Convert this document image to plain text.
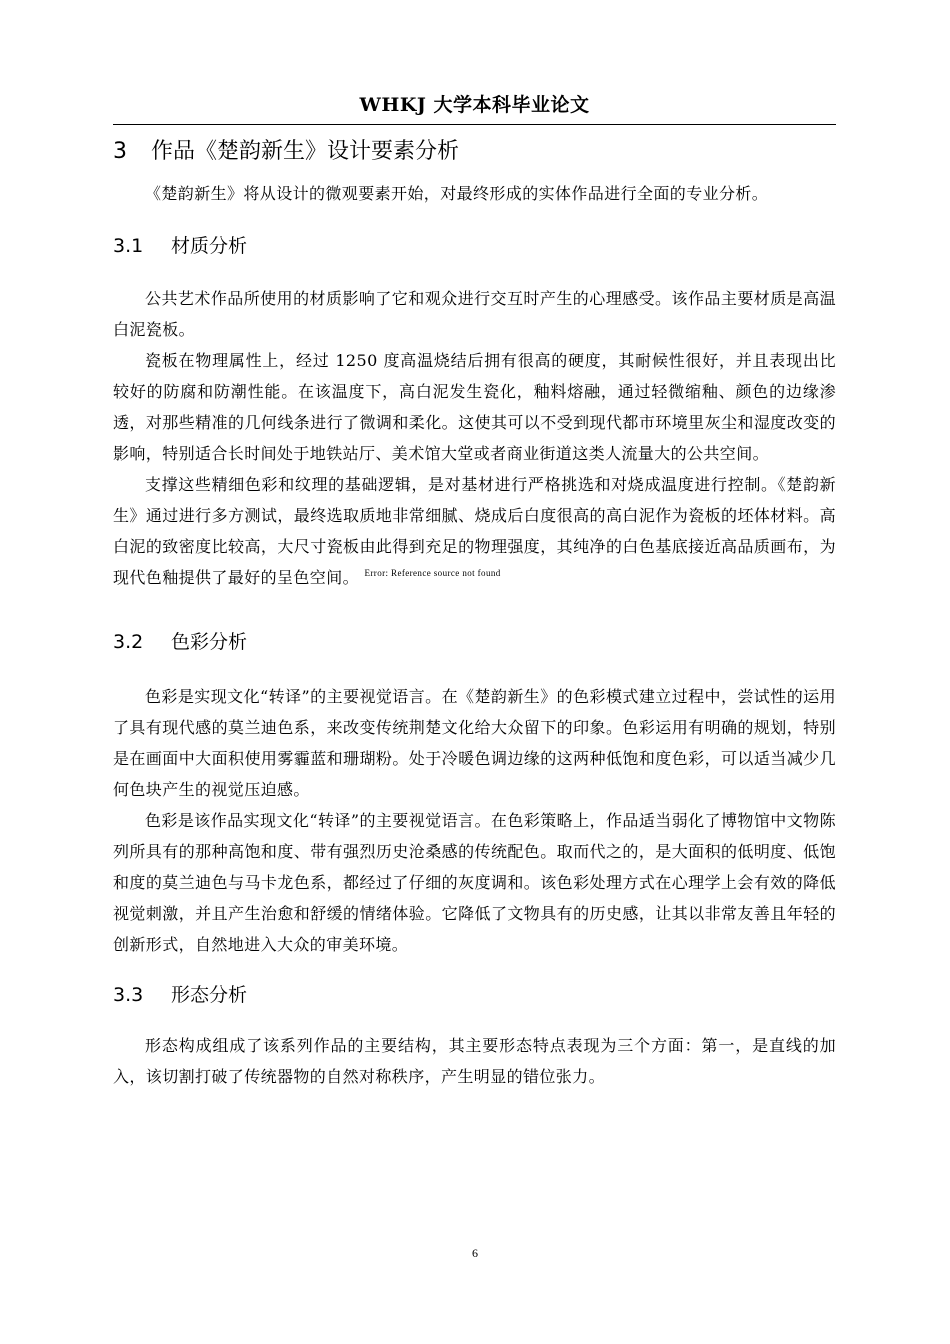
WHKJ 大学本科毕业论文
3 作品《楚韵新生》设计要素分析

《楚韵新生》将从设计的微观要素开始，对最终形成的实体作品进行全面的专业分析。

3.1 材质分析

公共艺术作品所使用的材质影响了它和观众进行交互时产生的心理感受。该作品主要材质是高温白泥瓷板。

瓷板在物理属性上，经过 1250 度高温烧结后拥有很高的硬度，其耐候性很好，并且表现出比较好的防腐和防潮性能。在该温度下，高白泥发生瓷化，釉料熔融，通过轻微缩釉、颜色的边缘渗透，对那些精准的几何线条进行了微调和柔化。这使其可以不受到现代都市环境里灰尘和湿度改变的影响，特别适合长时间处于地铁站厅、美术馆大堂或者商业街道这类人流量大的公共空间。

支撑这些精细色彩和纹理的基础逻辑，是对基材进行严格挑选和对烧成温度进行控制。《楚韵新生》通过进行多方测试，最终选取质地非常细腻、烧成后白度很高的高白泥作为瓷板的坯体材料。高白泥的致密度比较高，大尺寸瓷板由此得到充足的物理强度，其纯净的白色基底接近高品质画布，为现代色釉提供了最好的呈色空间。 $^{Error: Reference source not found}$

3.2 色彩分析

色彩是实现文化“转译”的主要视觉语言。在《楚韵新生》的色彩模式建立过程中，尝试性的运用了具有现代感的莫兰迪色系，来改变传统荆楚文化给大众留下的印象。色彩运用有明确的规划，特别是在画面中大面积使用雾霾蓝和珊瑚粉。处于冷暖色调边缘的这两种低饱和度色彩，可以适当减少几何色块产生的视觉压迫感。

色彩是该作品实现文化“转译”的主要视觉语言。在色彩策略上，作品适当弱化了博物馆中文物陈列所具有的那种高饱和度、带有强烈历史沧桑感的传统配色。取而代之的，是大面积的低明度、低饱和度的莫兰迪色与马卡龙色系，都经过了仔细的灰度调和。该色彩处理方式在心理学上会有效的降低视觉刺激，并且产生治愈和舒缓的情绪体验。它降低了文物具有的历史感，让其以非常友善且年轻的创新形式，自然地进入大众的审美环境。

3.3 形态分析

形态构成组成了该系列作品的主要结构，其主要形态特点表现为三个方面：第一，是直线的加入，该切割打破了传统器物的自然对称秩序，产生明显的错位张力。

6
